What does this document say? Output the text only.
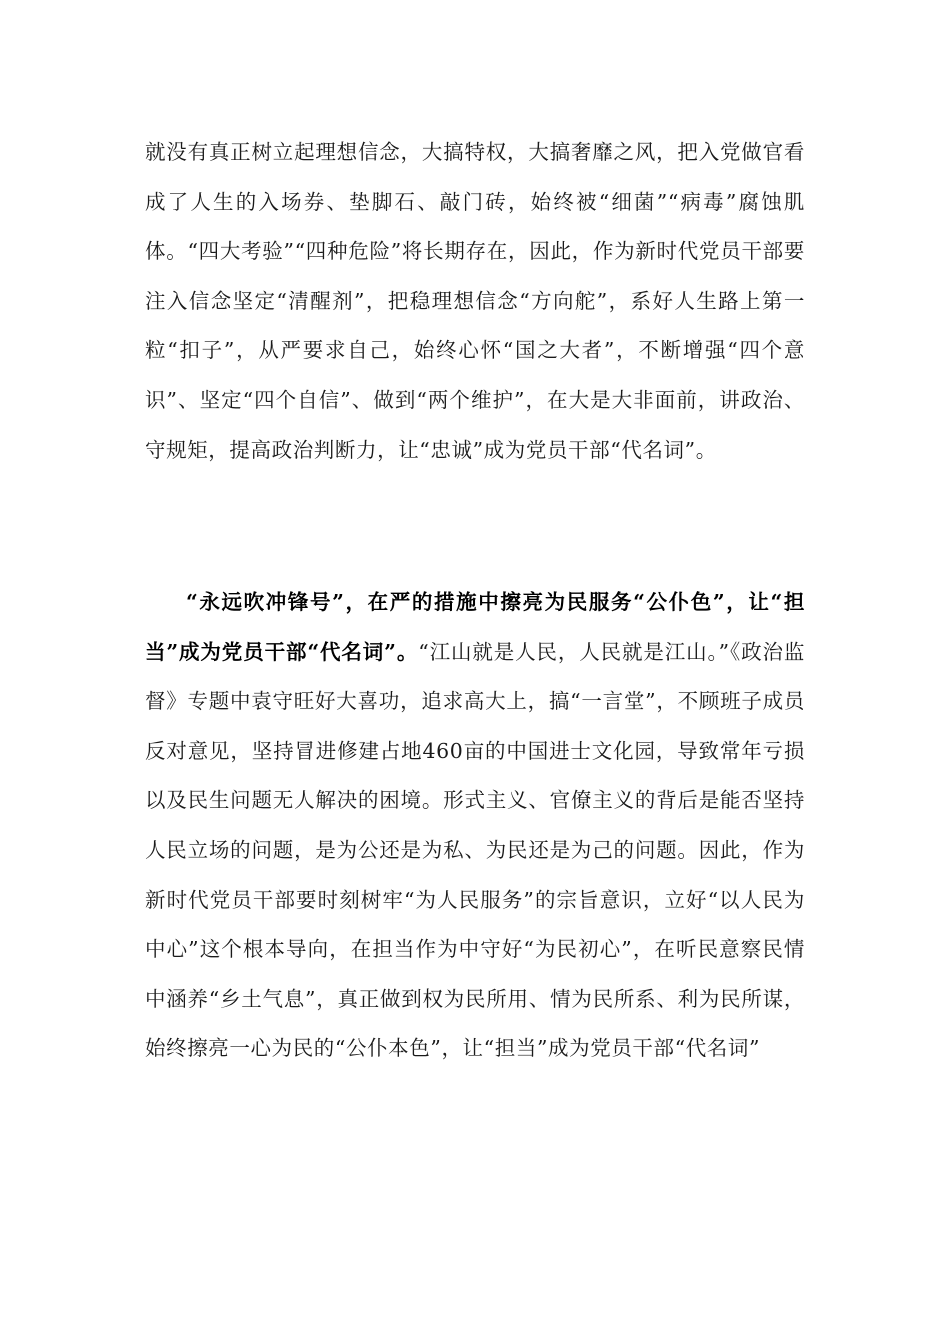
就没有真正树立起理想信念，大搞特权，大搞奢靡之风，把入党做官看成了人生的入场券、垫脚石、敲门砖，始终被“细菌”“病毒”腐蚀肌体。“四大考验”“四种危险”将长期存在，因此，作为新时代党员干部要注入信念坚定“清醒剂”，把稳理想信念“方向舵”，系好人生路上第一粒“扣子”，从严要求自己，始终心怀“国之大者”，不断增强“四个意识”、坚定“四个自信”、做到“两个维护”，在大是大非面前，讲政治、守规矩，提高政治判断力，让“忠诚”成为党员干部“代名词”。

“永远吹冲锋号”，在严的措施中擦亮为民服务“公仆色”，让“担当”成为党员干部“代名词”。“江山就是人民，人民就是江山。”《政治监督》专题中袁守旺好大喜功，追求高大上，搞“一言堂”，不顾班子成员反对意见，坚持冒进修建占地460亩的中国进士文化园，导致常年亏损以及民生问题无人解决的困境。形式主义、官僚主义的背后是能否坚持人民立场的问题，是为公还是为私、为民还是为己的问题。因此，作为新时代党员干部要时刻树牢“为人民服务”的宗旨意识，立好“以人民为中心”这个根本导向，在担当作为中守好“为民初心”，在听民意察民情中涵养“乡土气息”，真正做到权为民所用、情为民所系、利为民所谋，始终擦亮一心为民的“公仆本色”，让“担当”成为党员干部“代名词”
